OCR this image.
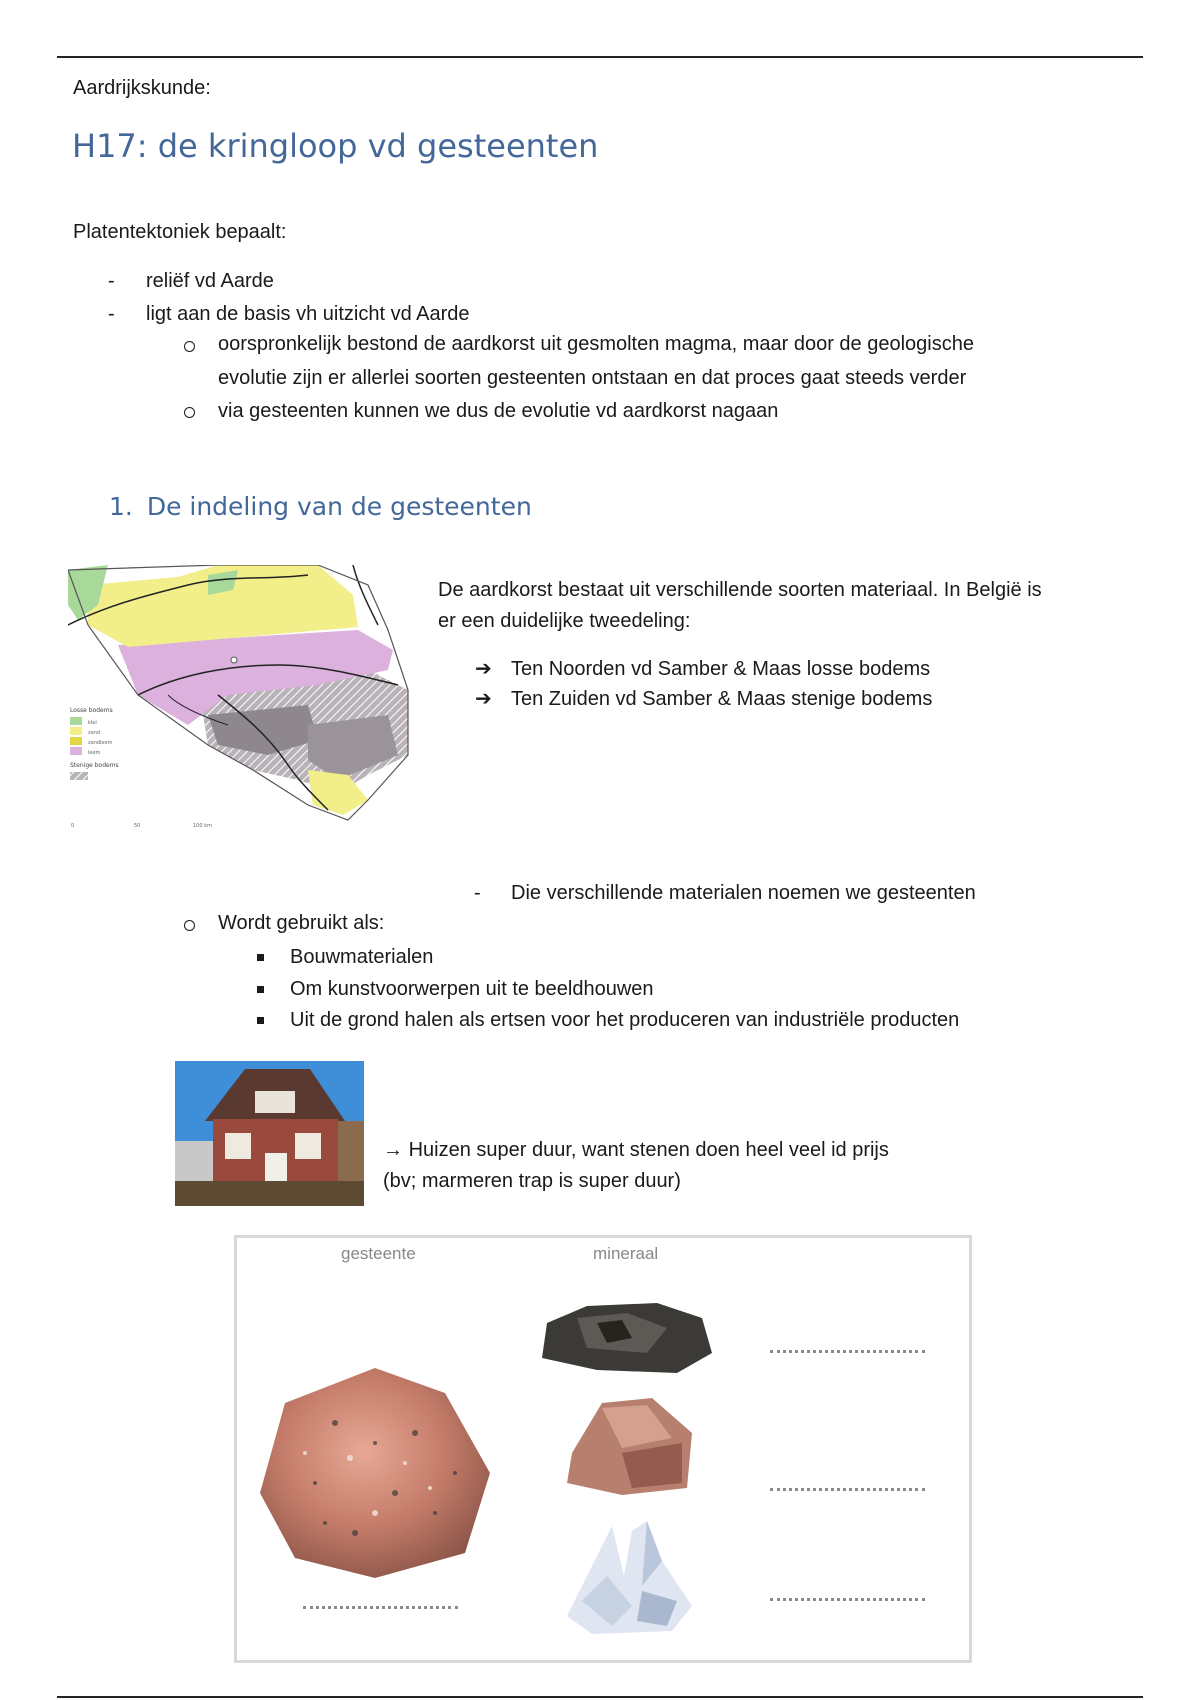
Aardrijkskunde:
H17: de kringloop vd gesteenten
Platentektoniek bepaalt:
- reliëf vd Aarde
- ligt aan de basis vh uitzicht vd Aarde
oorspronkelijk bestond de aardkorst uit gesmolten magma, maar door de geologische
evolutie zijn er allerlei soorten gesteenten ontstaan en dat proces gaat steeds verder
via gesteenten kunnen we dus de evolutie vd aardkorst nagaan
1. De indeling van de gesteenten
Losse bodems
klei
zand
zandleem
leem
Stenige bodems
0	50	100 km
De aardkorst bestaat uit verschillende soorten materiaal. In België is
er een duidelijke tweedeling:
➔ Ten Noorden vd Samber & Maas losse bodems
➔ Ten Zuiden vd Samber & Maas stenige bodems
- Die verschillende materialen noemen we gesteenten
Wordt gebruikt als:
Bouwmaterialen
Om kunstvoorwerpen uit te beeldhouwen
Uit de grond halen als ertsen voor het produceren van industriële producten
→ Huizen super duur, want stenen doen heel veel id prijs
(bv; marmeren trap is super duur)
gesteente	mineraal
